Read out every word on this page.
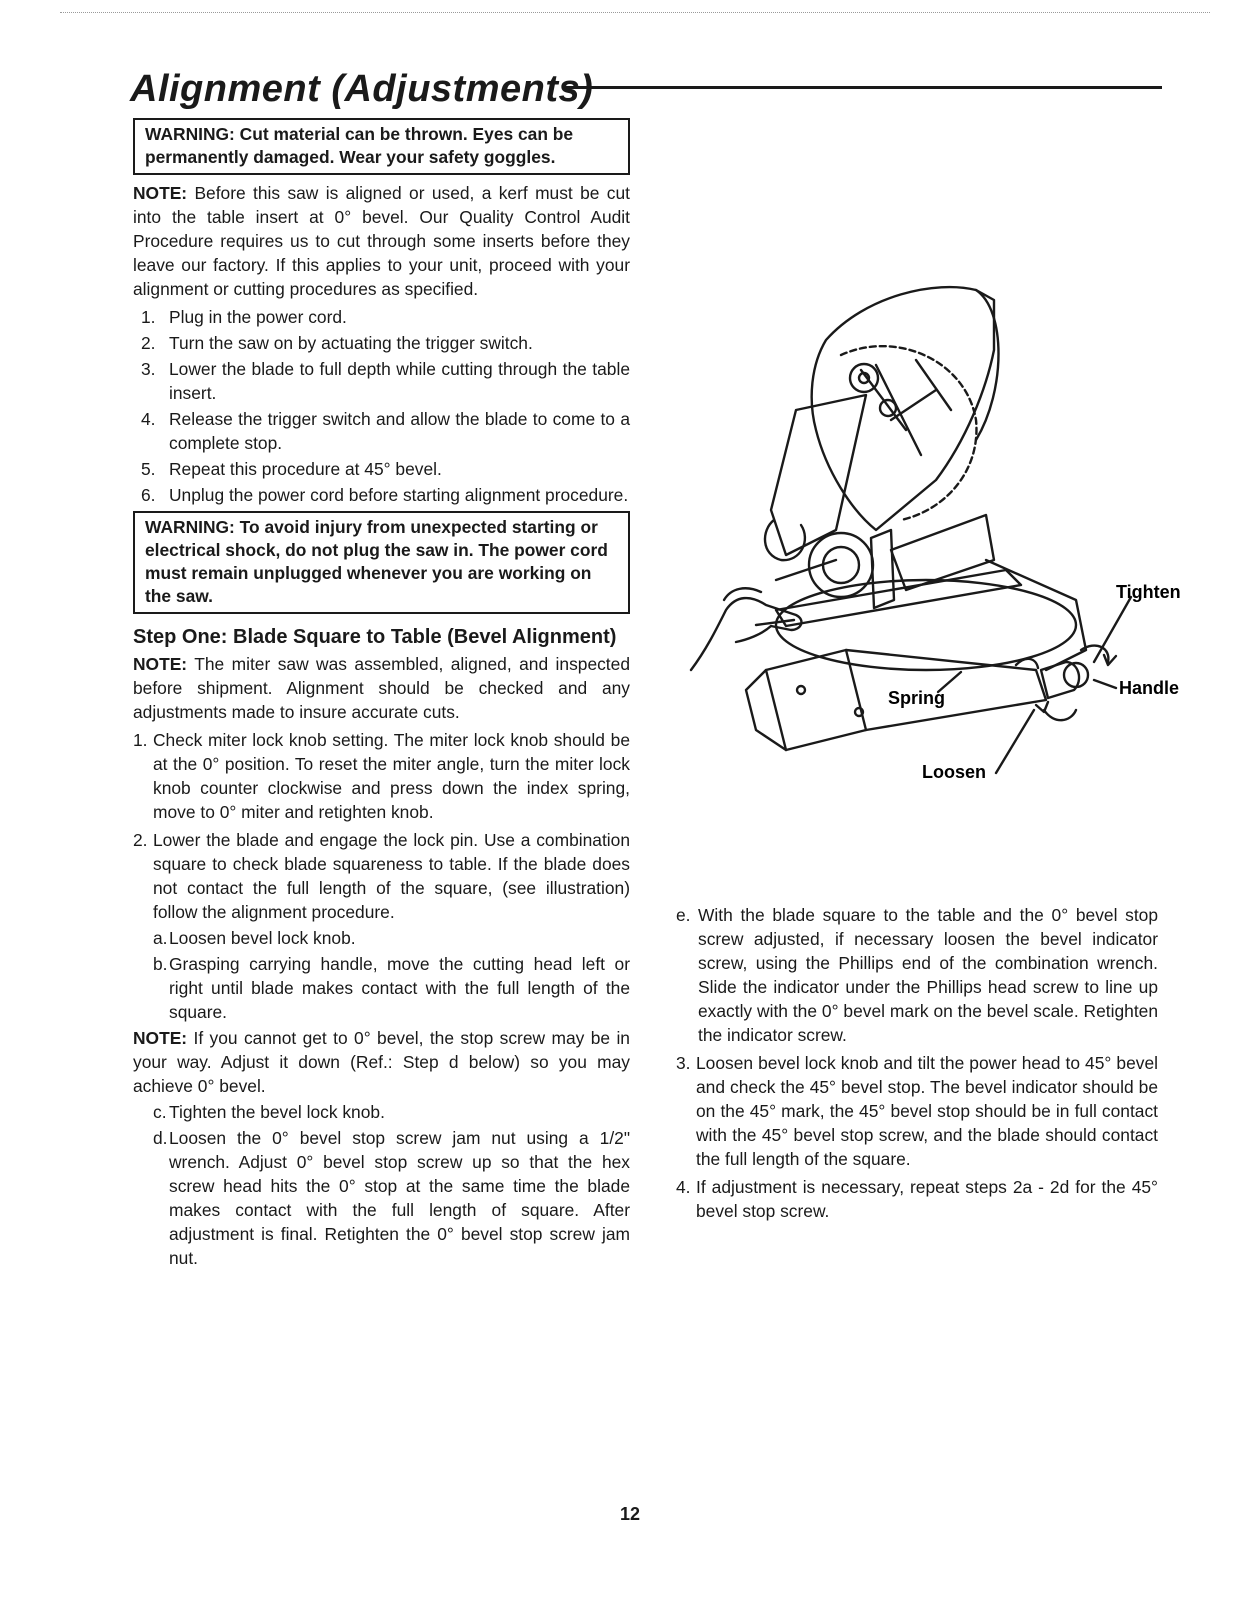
Alignment (Adjustments)
WARNING: Cut material can be thrown. Eyes can be permanently damaged. Wear your safety goggles.

NOTE: Before this saw is aligned or used, a kerf must be cut into the table insert at 0° bevel. Our Quality Control Audit Procedure requires us to cut through some inserts before they leave our factory. If this applies to your unit, proceed with your alignment or cutting procedures as specified.

1. Plug in the power cord.
2. Turn the saw on by actuating the trigger switch.
3. Lower the blade to full depth while cutting through the table insert.
4. Release the trigger switch and allow the blade to come to a complete stop.
5. Repeat this procedure at 45° bevel.
6. Unplug the power cord before starting alignment procedure.
WARNING: To avoid injury from unexpected starting or electrical shock, do not plug the saw in. The power cord must remain unplugged whenever you are working on the saw.
Step One: Blade Square to Table (Bevel Alignment)

NOTE: The miter saw was assembled, aligned, and inspected before shipment. Alignment should be checked and any adjustments made to insure accurate cuts.

1. Check miter lock knob setting. The miter lock knob should be at the 0° position. To reset the miter angle, turn the miter lock knob counter clockwise and press down the index spring, move to 0° miter and retighten knob.
2. Lower the blade and engage the lock pin. Use a combination square to check blade squareness to table. If the blade does not contact the full length of the square, (see illustration) follow the alignment procedure.
a. Loosen bevel lock knob.
b. Grasping carrying handle, move the cutting head left or right until blade makes contact with the full length of the square.

NOTE: If you cannot get to 0° bevel, the stop screw may be in your way. Adjust it down (Ref.: Step d below) so you may achieve 0° bevel.

c. Tighten the bevel lock knob.
d. Loosen the 0° bevel stop screw jam nut using a 1/2" wrench. Adjust 0° bevel stop screw up so that the hex screw head hits the 0° stop at the same time the blade makes contact with the full length of square. After adjustment is final. Retighten the 0° bevel stop screw jam nut.
Tighten
Handle
Spring
Loosen
e. With the blade square to the table and the 0° bevel stop screw adjusted, if necessary loosen the bevel indicator screw, using the Phillips end of the combination wrench. Slide the indicator under the Phillips head screw to line up exactly with the 0° bevel mark on the bevel scale. Retighten the indicator screw.
3. Loosen bevel lock knob and tilt the power head to 45° bevel and check the 45° bevel stop. The bevel indicator should be on the 45° mark, the 45° bevel stop should be in full contact with the 45° bevel stop screw, and the blade should contact the full length of the square.
4. If adjustment is necessary, repeat steps 2a - 2d for the 45° bevel stop screw.
12
